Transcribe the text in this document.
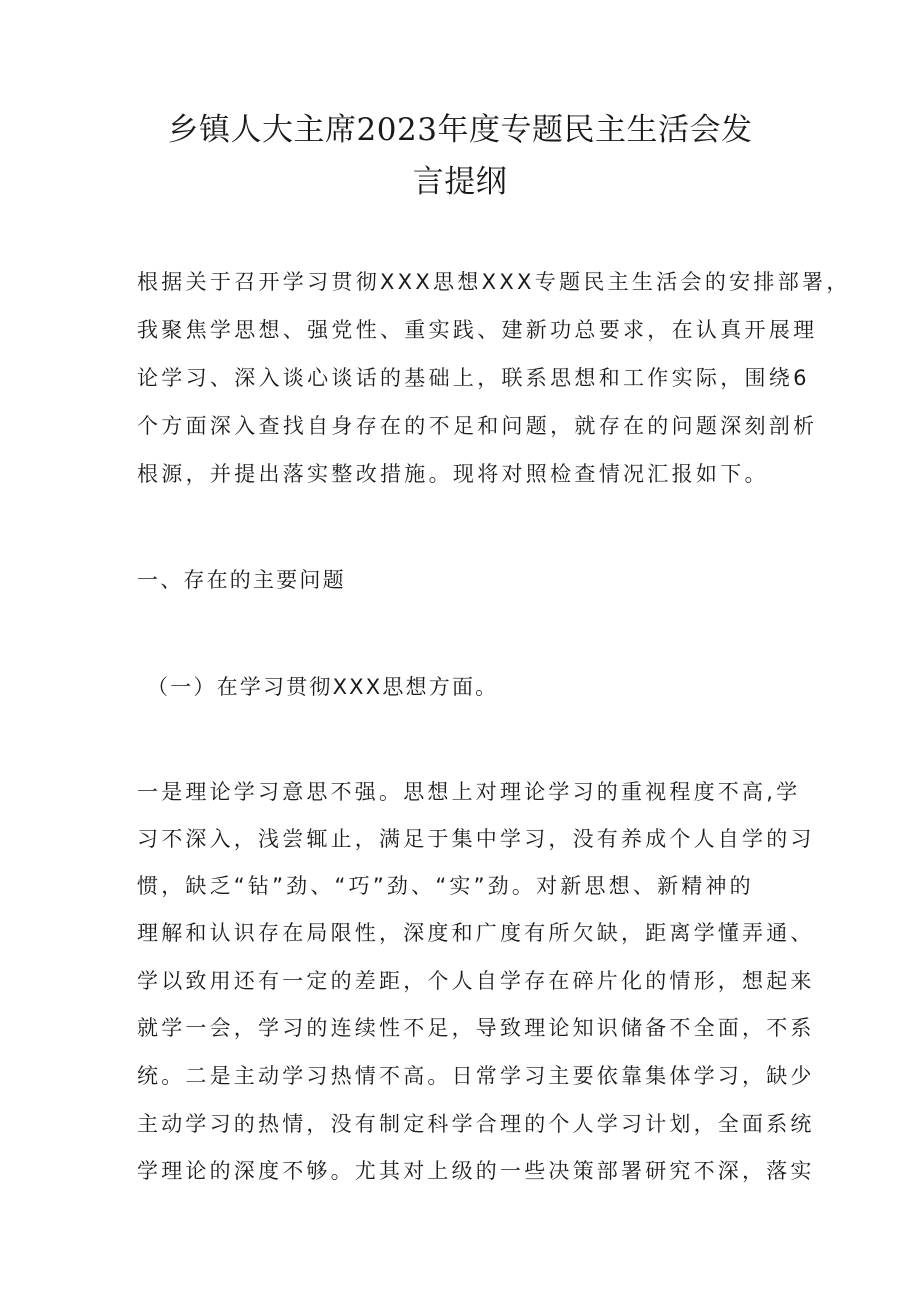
乡镇人大主席2023年度专题民主生活会发
言提纲
根据关于召开学习贯彻XXX思想XXX专题民主生活会的安排部署，
我聚焦学思想、强党性、重实践、建新功总要求，在认真开展理
论学习、深入谈心谈话的基础上，联系思想和工作实际，围绕6
个方面深入查找自身存在的不足和问题，就存在的问题深刻剖析
根源，并提出落实整改措施。现将对照检查情况汇报如下。
一、存在的主要问题
（一）在学习贯彻XXX思想方面。
一是理论学习意思不强。思想上对理论学习的重视程度不高,学
习不深入，浅尝辄止，满足于集中学习，没有养成个人自学的习
惯，缺乏“钻”劲、“巧”劲、“实”劲。对新思想、新精神的
理解和认识存在局限性，深度和广度有所欠缺，距离学懂弄通、
学以致用还有一定的差距，个人自学存在碎片化的情形，想起来
就学一会，学习的连续性不足，导致理论知识储备不全面，不系
统。二是主动学习热情不高。日常学习主要依靠集体学习，缺少
主动学习的热情，没有制定科学合理的个人学习计划，全面系统
学理论的深度不够。尤其对上级的一些决策部署研究不深，落实
